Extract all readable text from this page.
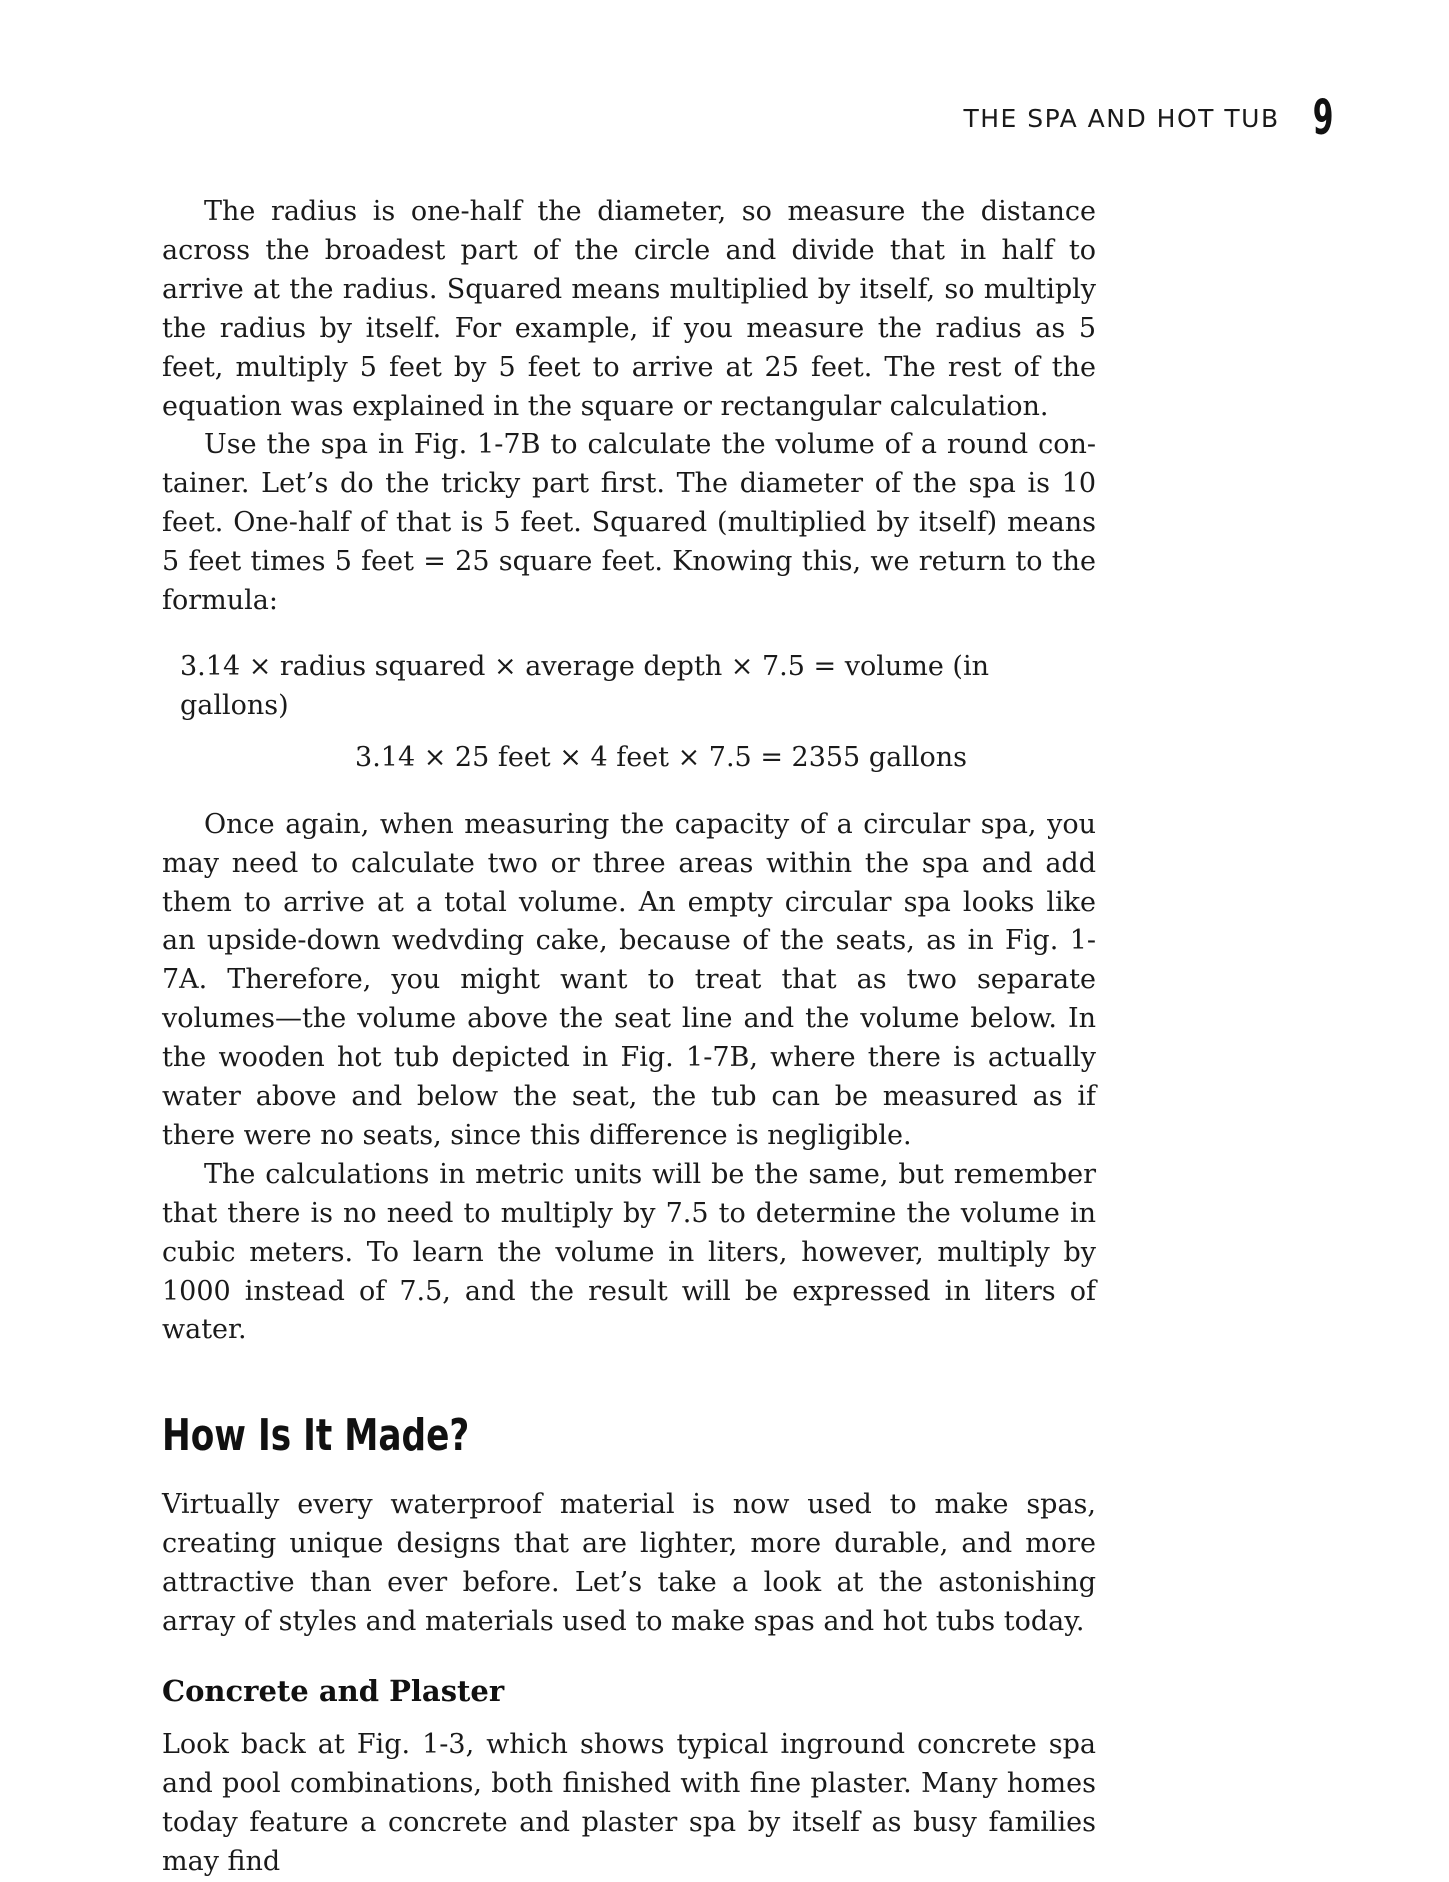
THE SPA AND HOT TUB 9

The radius is one-half the diameter, so measure the distance across the broadest part of the circle and divide that in half to arrive at the radius. Squared means multiplied by itself, so multiply the radius by itself. For example, if you measure the radius as 5 feet, multiply 5 feet by 5 feet to arrive at 25 feet. The rest of the equation was explained in the square or rectangular calculation.

Use the spa in Fig. 1-7B to calculate the volume of a round container. Let’s do the tricky part first. The diameter of the spa is 10 feet. One-half of that is 5 feet. Squared (multiplied by itself) means 5 feet times 5 feet = 25 square feet. Knowing this, we return to the formula:

3.14 × radius squared × average depth × 7.5 = volume (in gallons)
3.14 × 25 feet × 4 feet × 7.5 = 2355 gallons

Once again, when measuring the capacity of a circular spa, you may need to calculate two or three areas within the spa and add them to arrive at a total volume. An empty circular spa looks like an upside-down wedvding cake, because of the seats, as in Fig. 1-7A. Therefore, you might want to treat that as two separate volumes—the volume above the seat line and the volume below. In the wooden hot tub depicted in Fig. 1-7B, where there is actually water above and below the seat, the tub can be measured as if there were no seats, since this difference is negligible.

The calculations in metric units will be the same, but remember that there is no need to multiply by 7.5 to determine the volume in cubic meters. To learn the volume in liters, however, multiply by 1000 instead of 7.5, and the result will be expressed in liters of water.

How Is It Made?

Virtually every waterproof material is now used to make spas, creating unique designs that are lighter, more durable, and more attractive than ever before. Let’s take a look at the astonishing array of styles and materials used to make spas and hot tubs today.

Concrete and Plaster

Look back at Fig. 1-3, which shows typical inground concrete spa and pool combinations, both finished with fine plaster. Many homes today feature a concrete and plaster spa by itself as busy families may find
